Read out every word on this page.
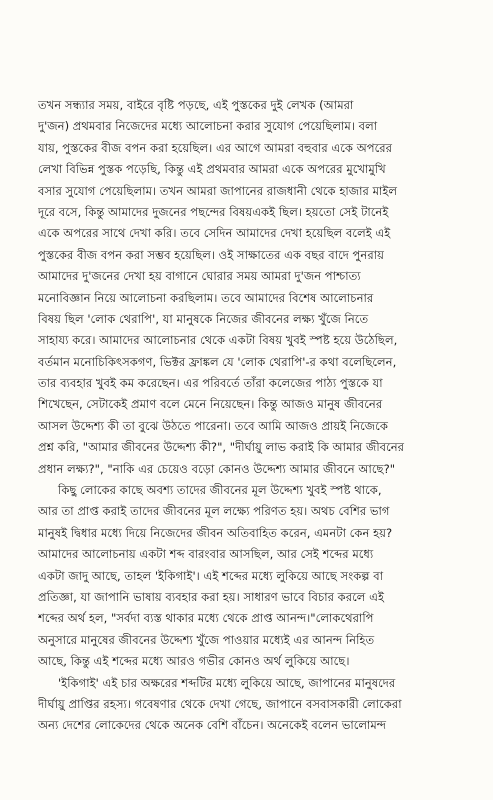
তখন সন্ধ্যার সময়, বাইরে বৃষ্টি পড়ছে, এই পুস্তকের দুই লেখক (আমরা
দু'জন) প্রথমবার নিজেদের মধ্যে আলোচনা করার সুযোগ পেয়েছিলাম। বলা
যায়, পুস্তকের বীজ বপন করা হয়েছিল। এর আগে আমরা বহুবার একে অপরের
লেখা বিভিন্ন পুস্তক পড়েছি, কিন্তু এই প্রথমবার আমরা একে অপরের মুখোমুখি
বসার সুযোগ পেয়েছিলাম। তখন আমরা জাপানের রাজধানী থেকে হাজার মাইল
দূরে বসে, কিন্তু আমাদের দুজনের পছন্দের বিষয়একই ছিল। হয়তো সেই টানেই
একে অপরের সাথে দেখা করি। তবে সেদিন আমাদের দেখা হয়েছিল বলেই এই
পুস্তকের বীজ বপন করা সম্ভব হয়েছিল। ওই সাক্ষাতের এক বছর বাদে পুনরায়
আমাদের দু'জনের দেখা হয় বাগানে ঘোরার সময় আমরা দু'জন পাশ্চাত্য
মনোবিজ্ঞান নিয়ে আলোচনা করছিলাম। তবে আমাদের বিশেষ আলোচনার
বিষয় ছিল 'লোক থেরাপি', যা মানুষকে নিজের জীবনের লক্ষ্য খুঁজে নিতে
সাহায্য করে। আমাদের আলোচনার থেকে একটা বিষয় খুবই স্পষ্ট হয়ে উঠেছিল,
বর্তমান মনোচিকিৎসকগণ, ভিক্টর ফ্রাঙ্কল যে 'লোক থেরাপি'-র কথা বলেছিলেন,
তার ব্যবহার খুবই কম করেছেন। এর পরিবর্তে তাঁরা কলেজের পাঠ্য পুস্তকে যা
শিখেছেন, সেটাকেই প্রমাণ বলে মেনে নিয়েছেন। কিন্তু আজও মানুষ জীবনের
আসল উদ্দেশ্য কী তা বুঝে উঠতে পারেনা। তবে আমি আজও প্রায়ই নিজেকে
প্রশ্ন করি, "আমার জীবনের উদ্দেশ্য কী?", "দীর্ঘায়ু লাভ করাই কি আমার জীবনের
প্রধান লক্ষ্য?", "নাকি এর চেয়েও বড়ো কোনও উদ্দেশ্য আমার জীবনে আছে?"
কিছু লোকের কাছে অবশ্য তাদের জীবনের মূল উদ্দেশ্য খুবই স্পষ্ট থাকে,
আর তা প্রাপ্ত করাই তাদের জীবনের মূল লক্ষ্যে পরিণত হয়। অথচ বেশির ভাগ
মানুষই দ্বিধার মধ্যে দিয়ে নিজেদের জীবন অতিবাহিত করেন, এমনটা কেন হয়?
আমাদের আলোচনায় একটা শব্দ বারংবার আসছিল, আর সেই শব্দের মধ্যে
একটা জাদু আছে, তাহল 'ইকিগাই'। এই শব্দের মধ্যে লুকিয়ে আছে সংকল্প বা
প্রতিজ্ঞা, যা জাপানি ভাষায় ব্যবহার করা হয়। সাধারণ ভাবে বিচার করলে এই
শব্দের অর্থ হল, "সর্বদা ব্যস্ত থাকার মধ্যে থেকে প্রাপ্ত আনন্দ।"লোকথেরাপি
অনুসারে মানুষের জীবনের উদ্দেশ্য খুঁজে পাওয়ার মধ্যেই এর আনন্দ নিহিত
আছে, কিন্তু এই শব্দের মধ্যে আরও গভীর কোনও অর্থ লুকিয়ে আছে।
'ইকিগাই' এই চার অক্ষরের শব্দটির মধ্যে লুকিয়ে আছে, জাপানের মানুষদের
দীর্ঘায়ু প্রাপ্তির রহস্য। গবেষণার থেকে দেখা গেছে, জাপানে বসবাসকারী লোকেরা
অন্য দেশের লোকেদের থেকে অনেক বেশি বাঁচেন। অনেকেই বলেন ভালোমন্দ
